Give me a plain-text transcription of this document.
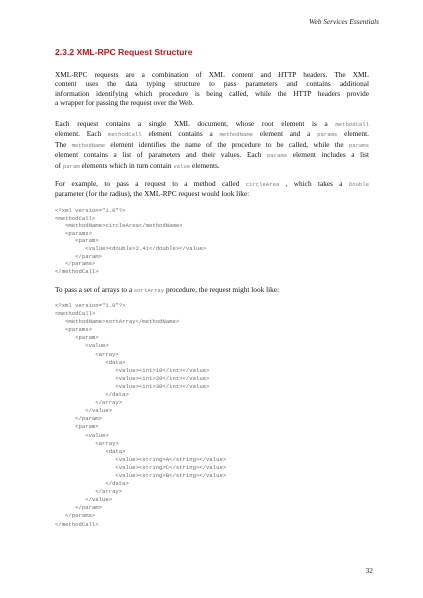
Web Services Essentials
2.3.2 XML-RPC Request Structure
XML-RPC requests are a combination of XML content and HTTP headers. The XML
content uses the data typing structure to pass parameters and contains additional
information identifying which procedure is being called, while the HTTP headers provide
a wrapper for passing the request over the Web.
Each request contains a single XML document, whose root element is a methodCall
element. Each methodCall element contains a methodName element and a params element.
The methodName element identifies the name of the procedure to be called, while the params
element contains a list of parameters and their values. Each params element includes a list
of param elements which in turn contain value elements.
For example, to pass a request to a method called circleArea , which takes a Double
parameter (for the radius), the XML-RPC request would look like:
<?xml version="1.0"?>
<methodCall>
<methodName>circleArea</methodName>
<params>
<param>
<value><double>2.41</double></value>
</param>
</params>
</methodCall>
To pass a set of arrays to a sortArray procedure, the request might look like:
<?xml version="1.0"?>
<methodCall>
<methodName>sortArray</methodName>
<params>
<param>
<value>
<array>
<data>
<value><int>10</int></value>
<value><int>20</int></value>
<value><int>30</int></value>
</data>
</array>
</value>
</param>
<param>
<value>
<array>
<data>
<value><string>A</string></value>
<value><string>C</string></value>
<value><string>B</string></value>
</data>
</array>
</value>
</param>
</params>
</methodCall>
32
